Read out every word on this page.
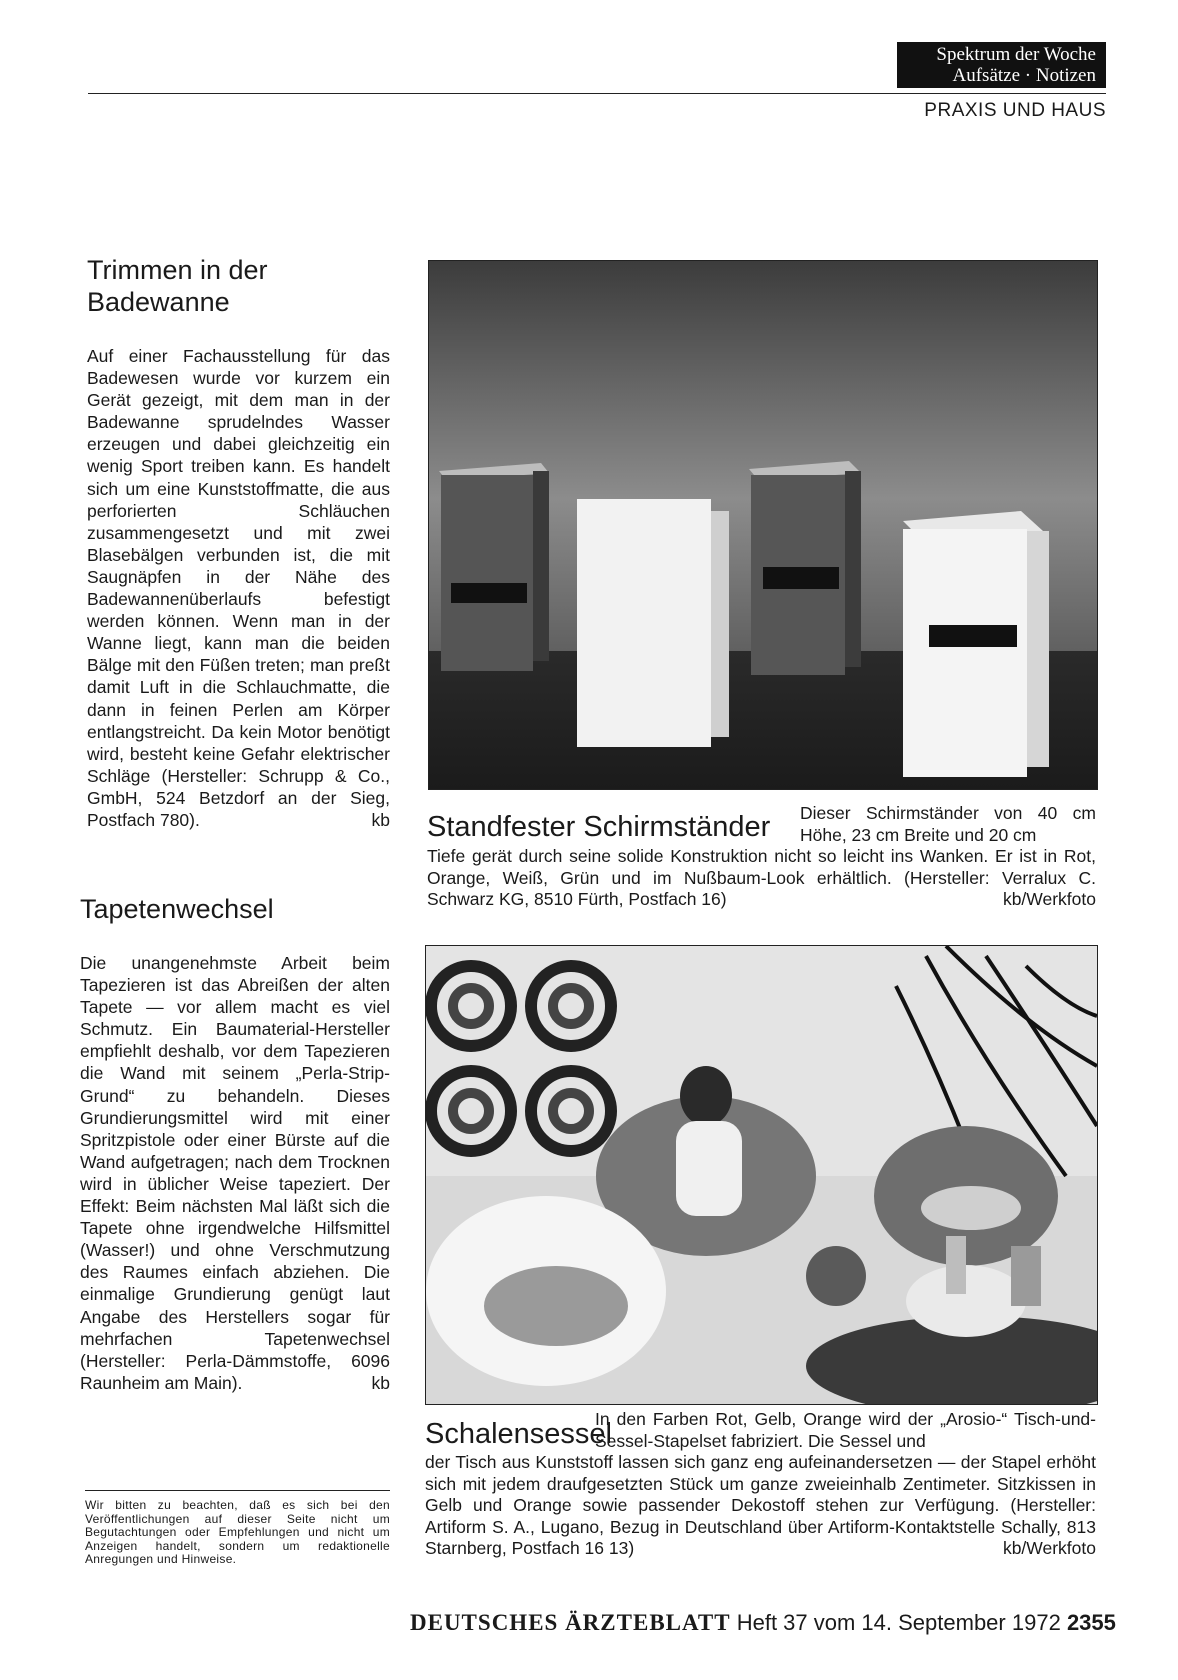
Spektrum der Woche
Aufsätze · Notizen
PRAXIS UND HAUS
Trimmen in der
Badewanne
Auf einer Fachausstellung für das Badewesen wurde vor kurzem ein Gerät gezeigt, mit dem man in der Badewanne sprudelndes Wasser erzeugen und dabei gleichzeitig ein wenig Sport treiben kann. Es handelt sich um eine Kunststoffmatte, die aus perforierten Schläuchen zusammengesetzt und mit zwei Blasebälgen verbunden ist, die mit Saugnäpfen in der Nähe des Badewannenüberlaufs befestigt werden können. Wenn man in der Wanne liegt, kann man die beiden Bälge mit den Füßen treten; man preßt damit Luft in die Schlauchmatte, die dann in feinen Perlen am Körper entlangstreicht. Da kein Motor benötigt wird, besteht keine Gefahr elektrischer Schläge (Hersteller: Schrupp & Co., GmbH, 524 Betzdorf an der Sieg, Postfach 780).	kb
Tapetenwechsel
Die unangenehmste Arbeit beim Tapezieren ist das Abreißen der alten Tapete — vor allem macht es viel Schmutz. Ein Baumaterial-Hersteller empfiehlt deshalb, vor dem Tapezieren die Wand mit seinem „Perla-Strip-Grund“ zu behandeln. Dieses Grundierungsmittel wird mit einer Spritzpistole oder einer Bürste auf die Wand aufgetragen; nach dem Trocknen wird in üblicher Weise tapeziert. Der Effekt: Beim nächsten Mal läßt sich die Tapete ohne irgendwelche Hilfsmittel (Wasser!) und ohne Verschmutzung des Raumes einfach abziehen. Die einmalige Grundierung genügt laut Angabe des Herstellers sogar für mehrfachen Tapetenwechsel (Hersteller: Perla-Dämmstoffe, 6096 Raunheim am Main).	kb
Wir bitten zu beachten, daß es sich bei den Veröffentlichungen auf dieser Seite nicht um Begutachtungen oder Empfehlungen und nicht um Anzeigen handelt, sondern um redaktionelle Anregungen und Hinweise.
Standfester Schirmständer Dieser Schirmständer von 40 cm Höhe, 23 cm Breite und 20 cm
Tiefe gerät durch seine solide Konstruktion nicht so leicht ins Wanken. Er ist in Rot, Orange, Weiß, Grün und im Nußbaum-Look erhältlich. (Hersteller: Verralux C. Schwarz KG, 8510 Fürth, Postfach 16)	kb/Werkfoto
Schalensessel
In den Farben Rot, Gelb, Orange wird der „Arosio-“ Tisch-und-Sessel-Stapelset fabriziert. Die Sessel und
der Tisch aus Kunststoff lassen sich ganz eng aufeinandersetzen — der Stapel erhöht sich mit jedem draufgesetzten Stück um ganze zweieinhalb Zentimeter. Sitzkissen in Gelb und Orange sowie passender Dekostoff stehen zur Verfügung. (Hersteller: Artiform S. A., Lugano, Bezug in Deutschland über Artiform-Kontaktstelle Schally, 813 Starnberg, Postfach 16 13)	kb/Werkfoto
DEUTSCHES ÄRZTEBLATT Heft 37 vom 14. September 1972 2355
